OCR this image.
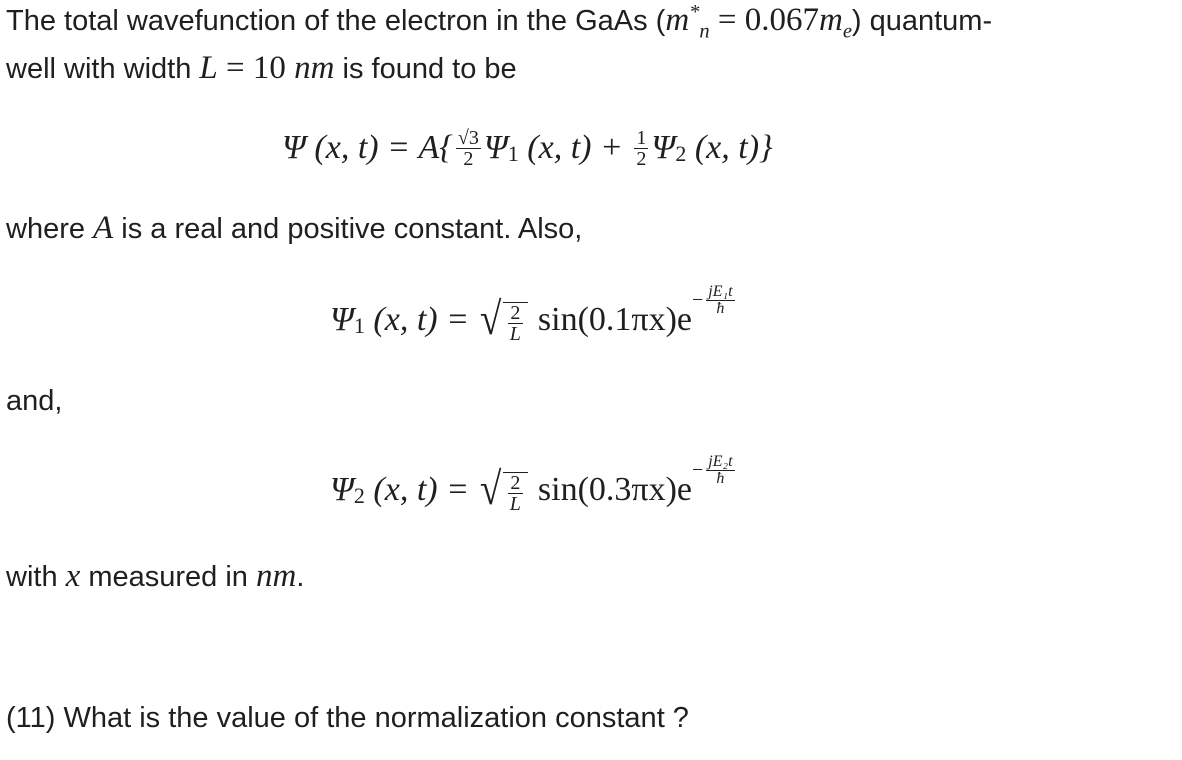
The total wavefunction of the electron in the GaAs $(m^*_n = 0.067m_e)$ quantum-
well with width L = 10 nm is found to be
Ψ (x, $t) = A\{ \frac{√3}{2} \Psi_1$ (x, $t) + \frac{1}{2} \Psi_2$ (x, t)}
where A is a real and positive constant. Also,
$\Psi_1$ (x, t) = √ $\frac{2}{L} \sin(0.1\pi x)e$
− $\frac{\text{jE₁t}}{ħ}$
and,
$\Psi_2$ (x, t) = √ $\frac{2}{L} \sin(0.3\pi x)e$
− $\frac{\text{jE₂t}}{ħ}$
with x measured in nm.
(11) What is the value of the normalization constant ?
